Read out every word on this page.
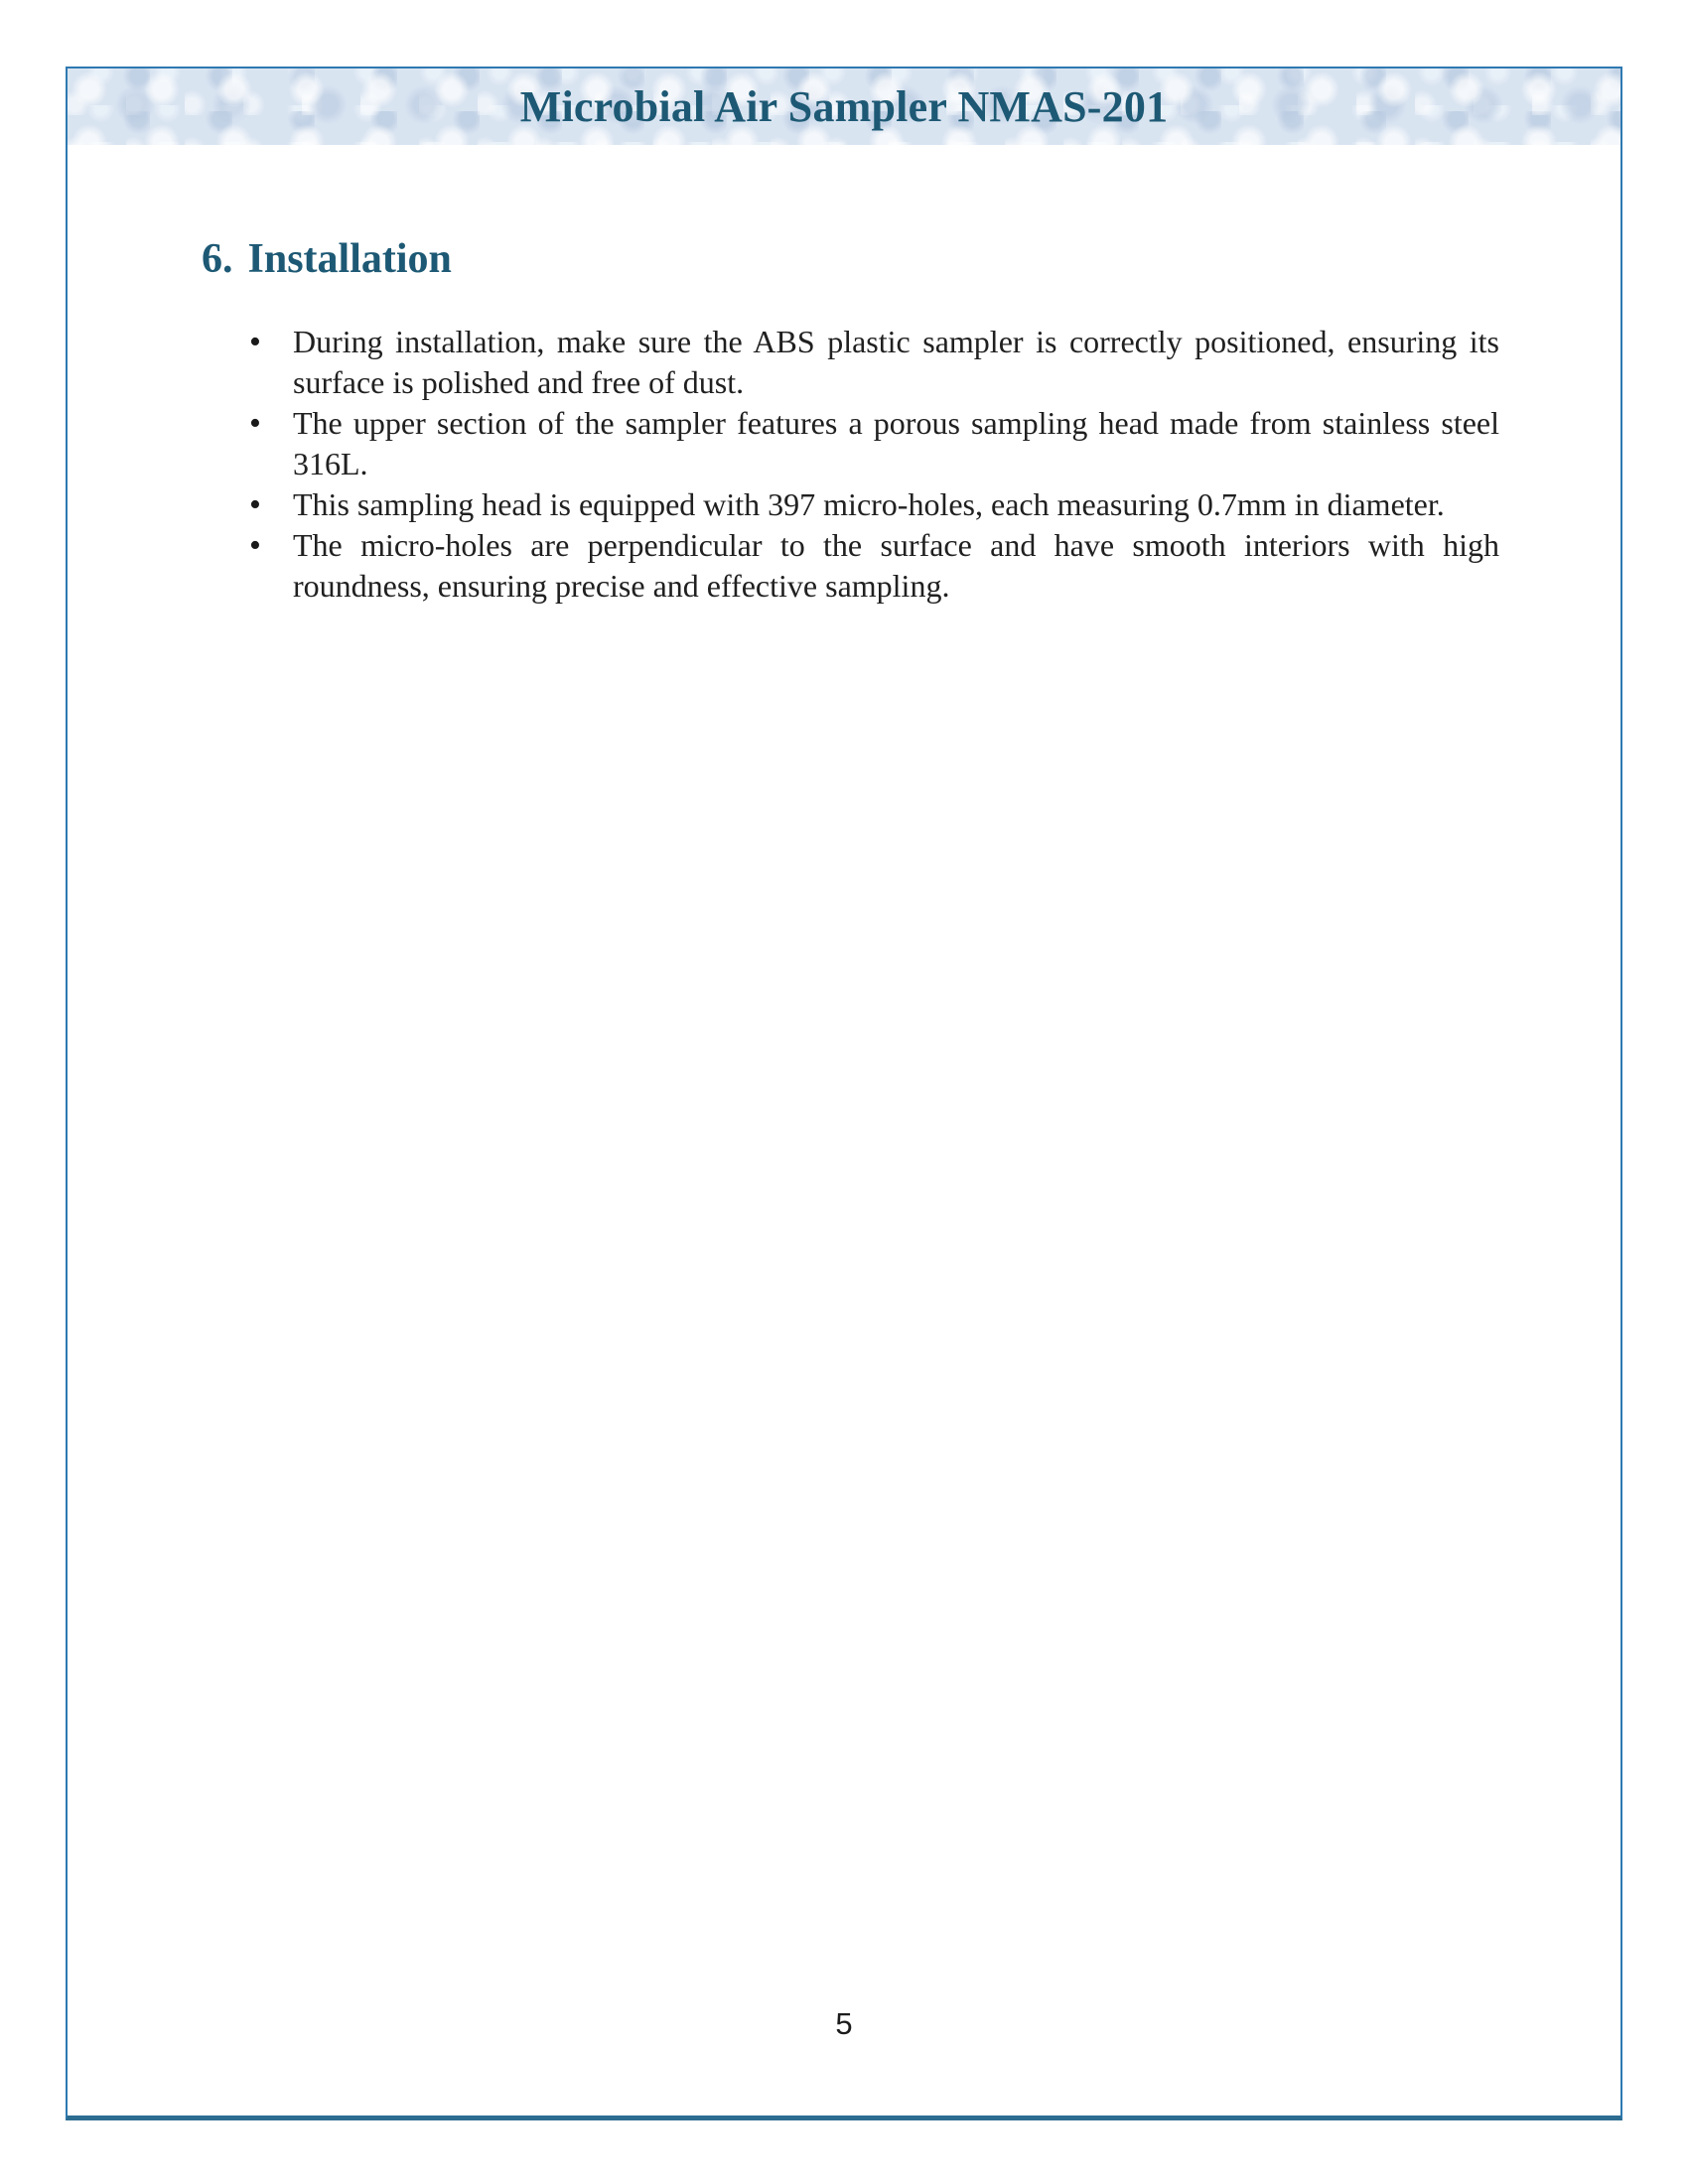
Microbial Air Sampler NMAS-201
6. Installation
• During installation, make sure the ABS plastic sampler is correctly positioned, ensuring its surface is polished and free of dust.
• The upper section of the sampler features a porous sampling head made from stainless steel 316L.
• This sampling head is equipped with 397 micro-holes, each measuring 0.7mm in diameter.
• The micro-holes are perpendicular to the surface and have smooth interiors with high roundness, ensuring precise and effective sampling.
5
